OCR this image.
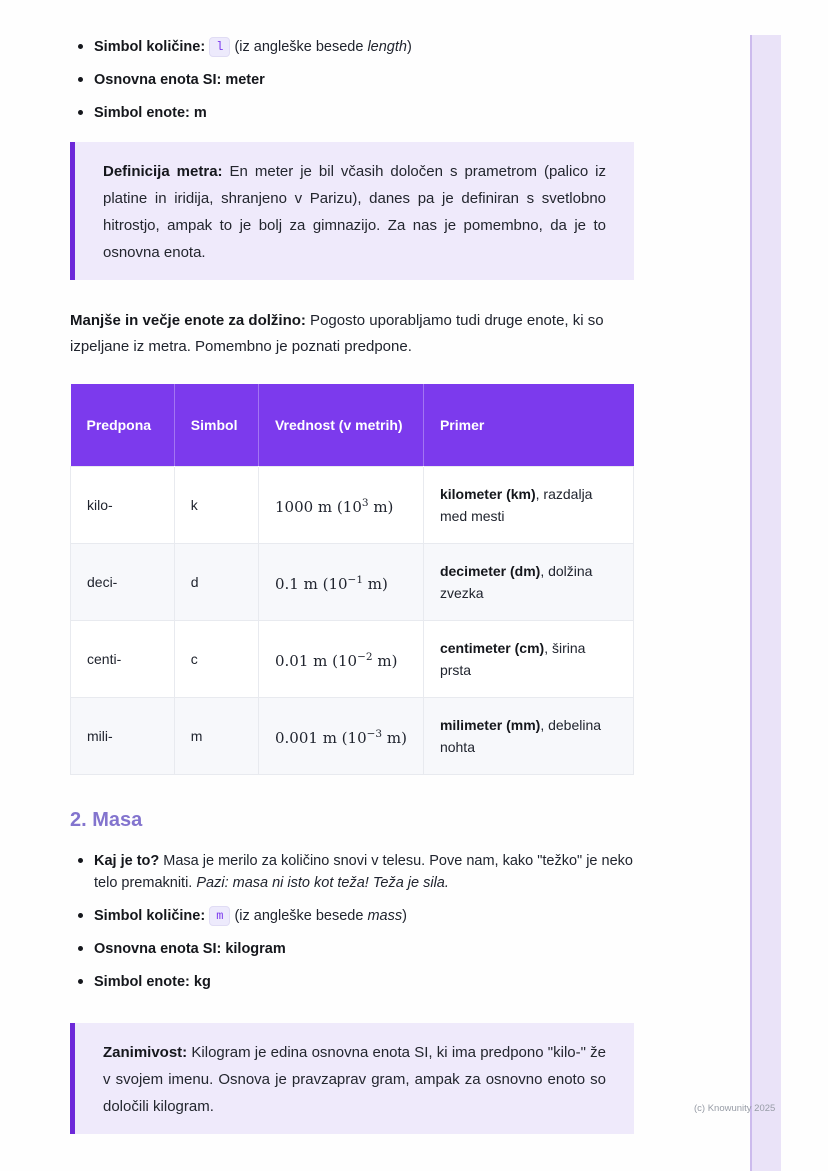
Simbol količine: l (iz angleške besede length)
Osnovna enota SI: meter
Simbol enote: m
Definicija metra: En meter je bil včasih določen s prametrom (palico iz platine in iridija, shranjeno v Parizu), danes pa je definiran s svetlobno hitrostjo, ampak to je bolj za gimnazijo. Za nas je pomembno, da je to osnovna enota.

Manjše in večje enote za dolžino: Pogosto uporabljamo tudi druge enote, ki so izpeljane iz metra. Pomembno je poznati predpone.

Predpona	Simbol	Vrednost (v metrih)	Primer
kilo-	k	1000 m ($10^3$ m)	kilometer (km), razdalja med mesti
deci-	d	0.1 m ($10^{-1}$ m)	decimeter (dm), dolžina zvezka
centi-	c	0.01 m ($10^{-2}$ m)	centimeter (cm), širina prsta
mili-	m	0.001 m ($10^{-3}$ m)	milimeter (mm), debelina nohta
2. Masa
Kaj je to? Masa je merilo za količino snovi v telesu. Pove nam, kako "težko" je neko telo premakniti. Pazi: masa ni isto kot teža! Teža je sila.
Simbol količine: m (iz angleške besede mass)
Osnovna enota SI: kilogram
Simbol enote: kg
Zanimivost: Kilogram je edina osnovna enota SI, ki ima predpono "kilo-" že v svojem imenu. Osnova je pravzaprav gram, ampak za osnovno enoto so določili kilogram.	(c) Knowunity 2025
